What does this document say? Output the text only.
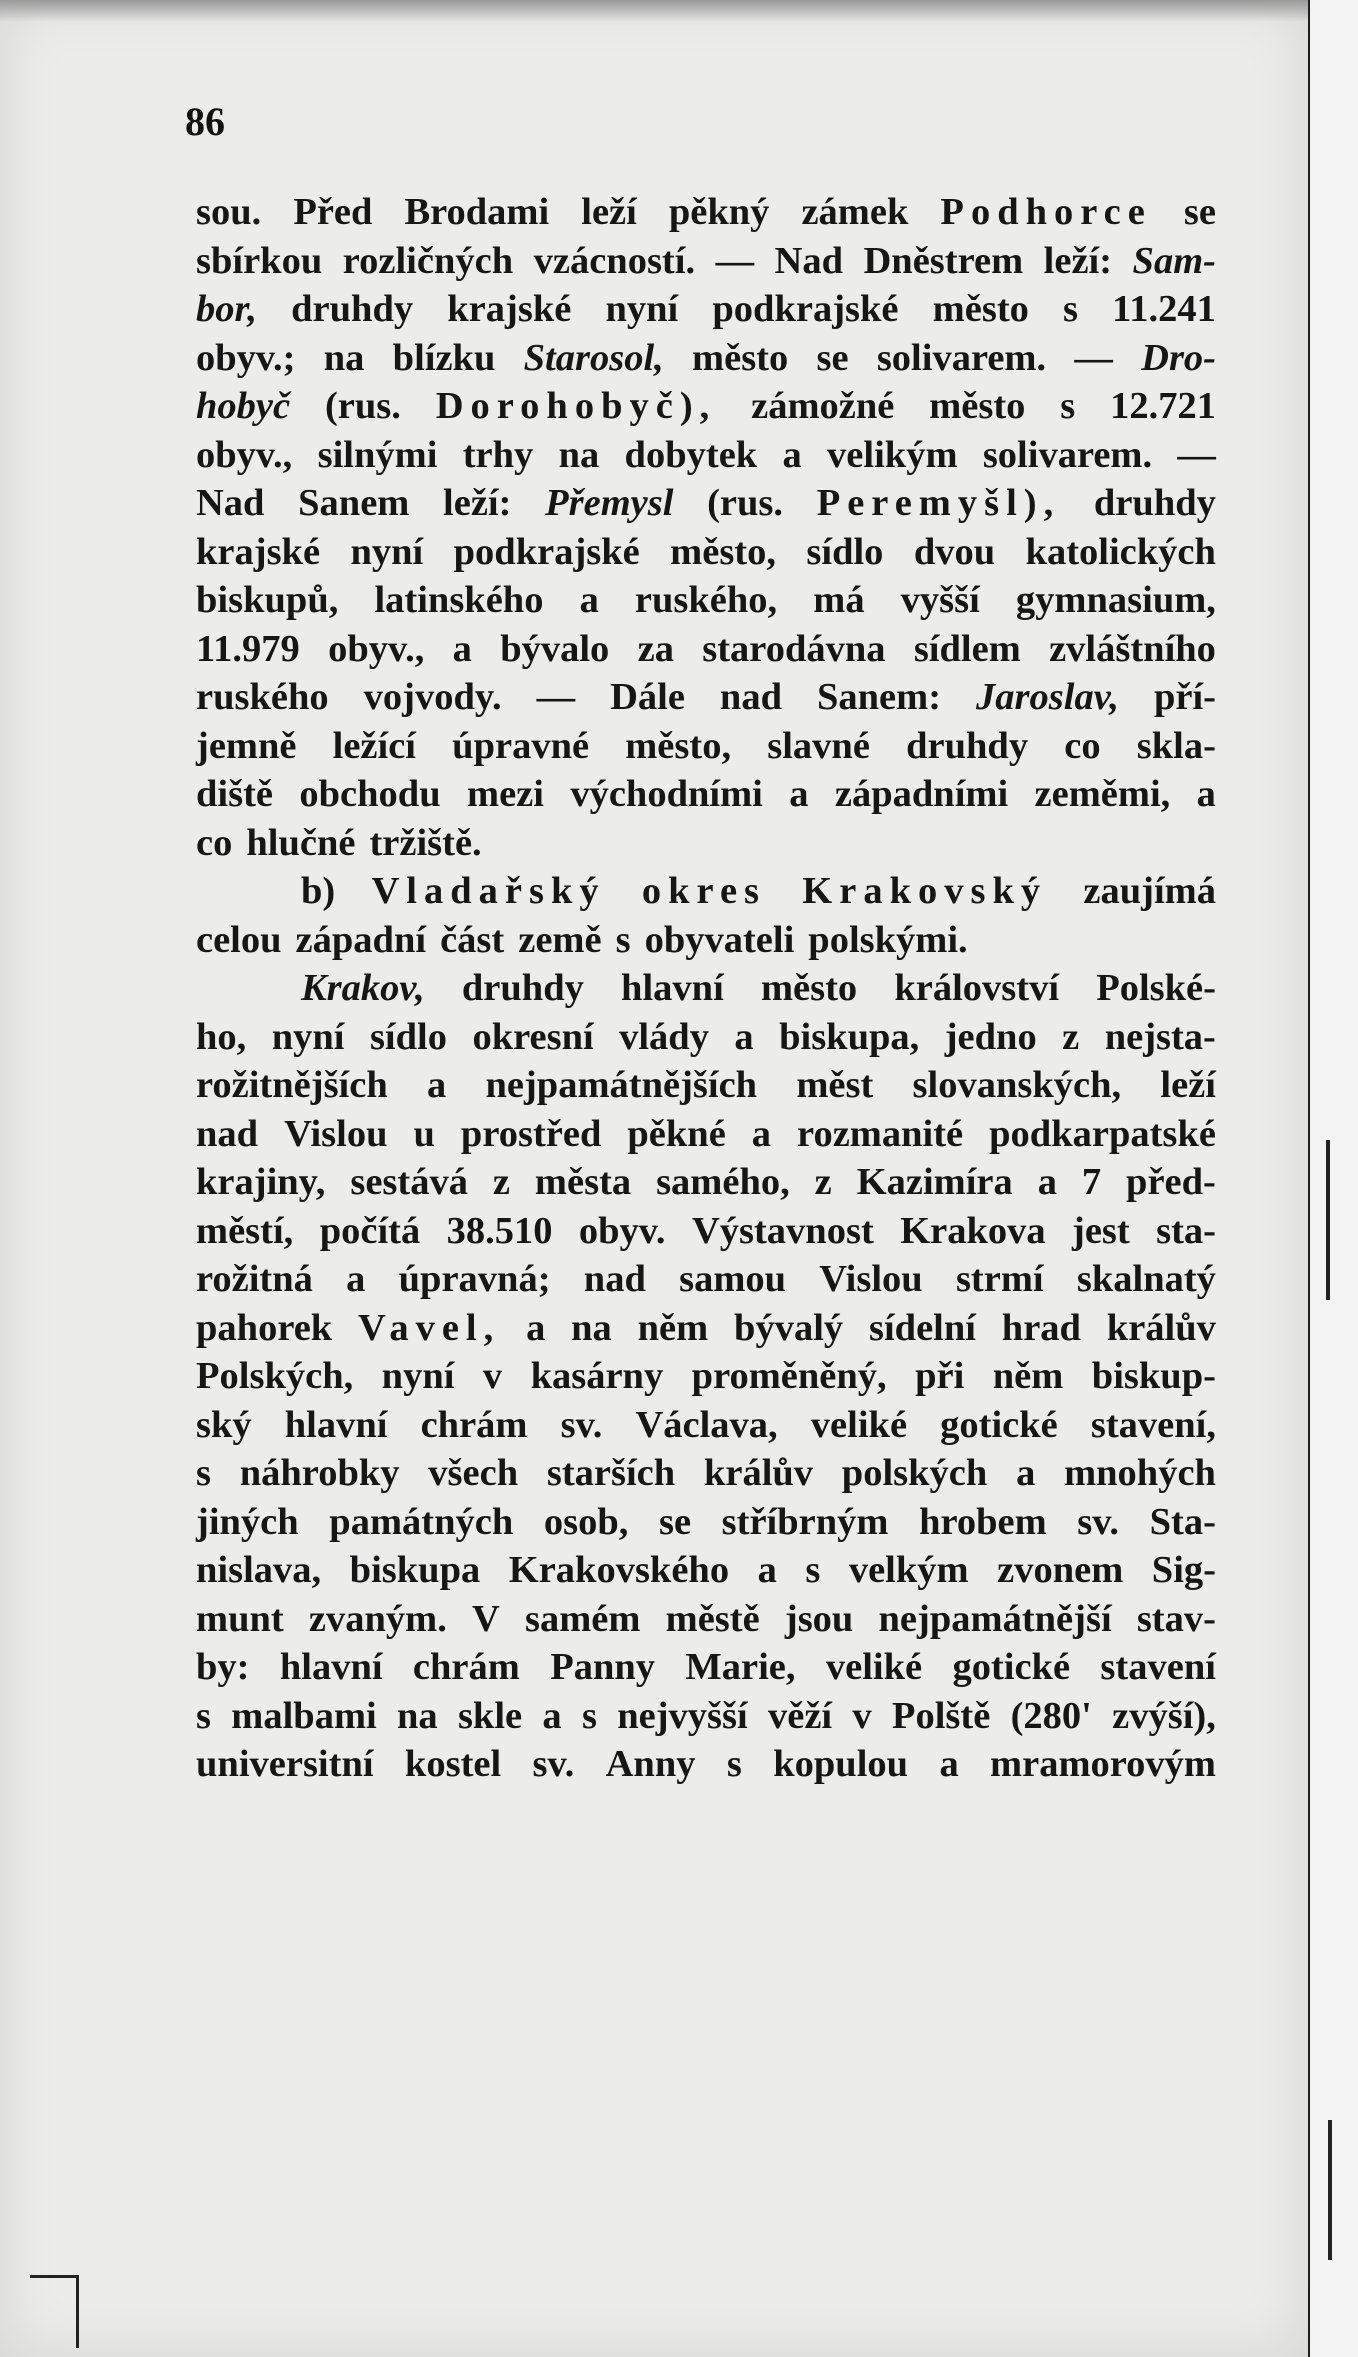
86
sou. Před Brodami leží pěkný zámek Podhorce se
sbírkou rozličných vzácností. — Nad Dněstrem leží: Sam-
bor, druhdy krajské nyní podkrajské město s 11.241
obyv.; na blízku Starosol, město se solivarem. — Dro-
hobyč (rus. Dorohobyč), zámožné město s 12.721
obyv., silnými trhy na dobytek a velikým solivarem. —
Nad Sanem leží: Přemysl (rus. Peremyšl), druhdy
krajské nyní podkrajské město, sídlo dvou katolických
biskupů, latinského a ruského, má vyšší gymnasium,
11.979 obyv., a bývalo za starodávna sídlem zvláštního
ruského vojvody. — Dále nad Sanem: Jaroslav, pří-
jemně ležící úpravné město, slavné druhdy co skla-
diště obchodu mezi východními a západními zeměmi, a
co hlučné tržiště.
b) Vladařský okres Krakovský zaujímá
celou západní část země s obyvateli polskými.
Krakov, druhdy hlavní město království Polské-
ho, nyní sídlo okresní vlády a biskupa, jedno z nejsta-
rožitnějších a nejpamátnějších měst slovanských, leží
nad Vislou u prostřed pěkné a rozmanité podkarpatské
krajiny, sestává z města samého, z Kazimíra a 7 před-
městí, počítá 38.510 obyv. Výstavnost Krakova jest sta-
rožitná a úpravná; nad samou Vislou strmí skalnatý
pahorek Vavel, a na něm bývalý sídelní hrad králův
Polských, nyní v kasárny proměněný, při něm biskup-
ský hlavní chrám sv. Václava, veliké gotické stavení,
s náhrobky všech starších králův polských a mnohých
jiných památných osob, se stříbrným hrobem sv. Sta-
nislava, biskupa Krakovského a s velkým zvonem Sig-
munt zvaným. V samém městě jsou nejpamátnější stav-
by: hlavní chrám Panny Marie, veliké gotické stavení
s malbami na skle a s nejvyšší věží v Polště (280' zvýší),
universitní kostel sv. Anny s kopulou a mramorovým
